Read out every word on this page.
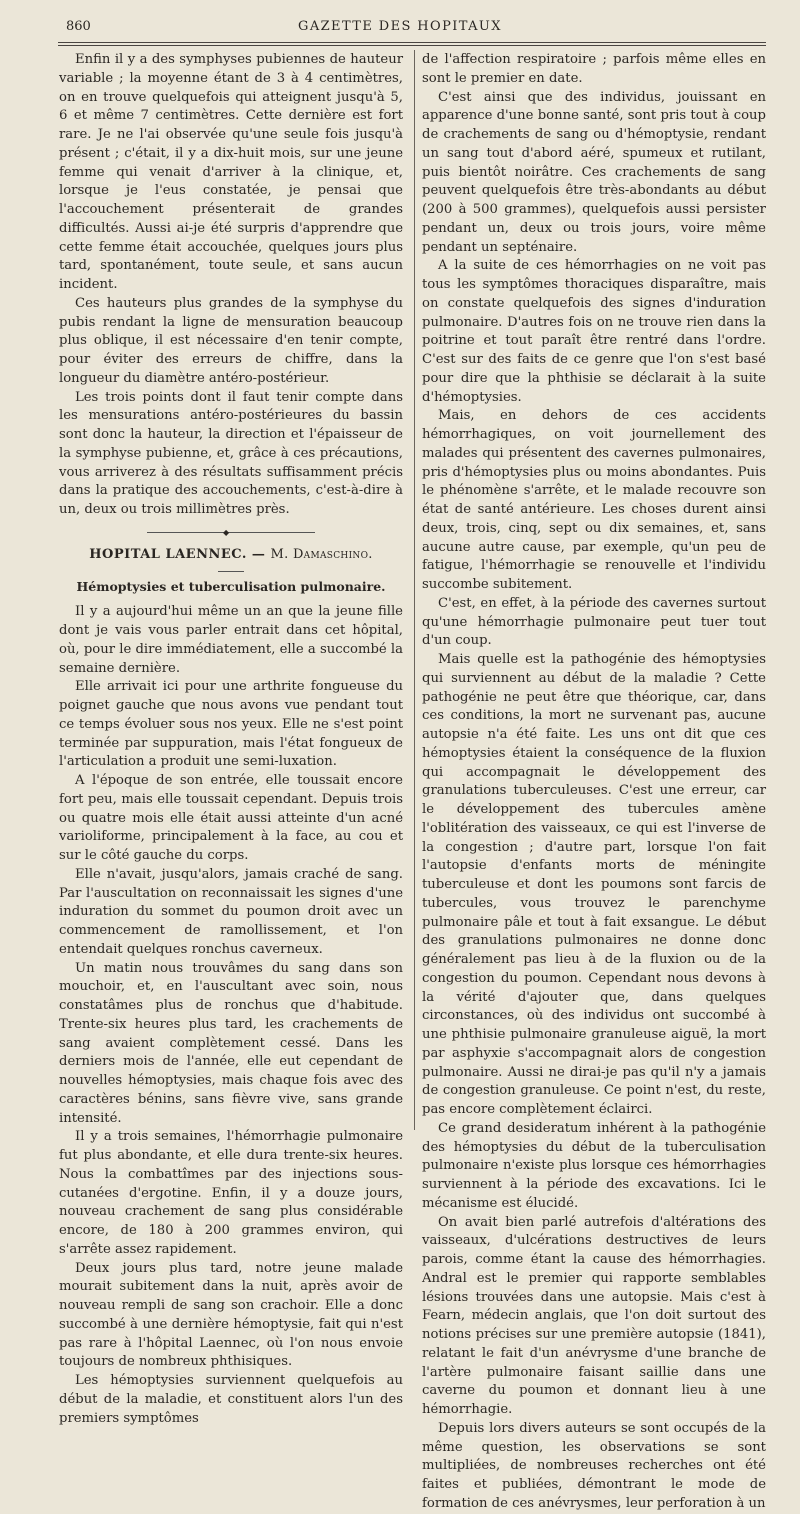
860	GAZETTE DES HOPITAUX

Enfin il y a des symphyses pubiennes de hauteur variable ; la moyenne étant de 3 à 4 centimètres, on en trouve quelquefois qui atteignent jusqu'à 5, 6 et même 7 centimètres. Cette dernière est fort rare. Je ne l'ai observée qu'une seule fois jusqu'à présent ; c'était, il y a dix-huit mois, sur une jeune femme qui venait d'arriver à la clinique, et, lorsque je l'eus constatée, je pensai que l'accouchement présenterait de grandes difficultés. Aussi ai-je été surpris d'apprendre que cette femme était accouchée, quelques jours plus tard, spontanément, toute seule, et sans aucun incident.

Ces hauteurs plus grandes de la symphyse du pubis rendant la ligne de mensuration beaucoup plus oblique, il est nécessaire d'en tenir compte, pour éviter des erreurs de chiffre, dans la longueur du diamètre antéro-postérieur.

Les trois points dont il faut tenir compte dans les mensurations antéro-postérieures du bassin sont donc la hauteur, la direction et l'épaisseur de la symphyse pubienne, et, grâce à ces précautions, vous arriverez à des résultats suffisamment précis dans la pratique des accouchements, c'est-à-dire à un, deux ou trois millimètres près.

◆
HOPITAL LAENNEC. — M. Damaschino.
Hémoptysies et tuberculisation pulmonaire.

Il y a aujourd'hui même un an que la jeune fille dont je vais vous parler entrait dans cet hôpital, où, pour le dire immédiatement, elle a succombé la semaine dernière.

Elle arrivait ici pour une arthrite fongueuse du poignet gauche que nous avons vue pendant tout ce temps évoluer sous nos yeux. Elle ne s'est point terminée par suppuration, mais l'état fongueux de l'articulation a produit une semi-luxation.

A l'époque de son entrée, elle toussait encore fort peu, mais elle toussait cependant. Depuis trois ou quatre mois elle était aussi atteinte d'un acné varioliforme, principalement à la face, au cou et sur le côté gauche du corps.

Elle n'avait, jusqu'alors, jamais craché de sang. Par l'auscultation on reconnaissait les signes d'une induration du sommet du poumon droit avec un commencement de ramollissement, et l'on entendait quelques ronchus caverneux.

Un matin nous trouvâmes du sang dans son mouchoir, et, en l'auscultant avec soin, nous constatâmes plus de ronchus que d'habitude. Trente-six heures plus tard, les crachements de sang avaient complètement cessé. Dans les derniers mois de l'année, elle eut cependant de nouvelles hémoptysies, mais chaque fois avec des caractères bénins, sans fièvre vive, sans grande intensité.

Il y a trois semaines, l'hémorrhagie pulmonaire fut plus abondante, et elle dura trente-six heures. Nous la combattîmes par des injections sous-cutanées d'ergotine. Enfin, il y a douze jours, nouveau crachement de sang plus considérable encore, de 180 à 200 grammes environ, qui s'arrête assez rapidement.

Deux jours plus tard, notre jeune malade mourait subitement dans la nuit, après avoir de nouveau rempli de sang son crachoir. Elle a donc succombé à une dernière hémoptysie, fait qui n'est pas rare à l'hôpital Laennec, où l'on nous envoie toujours de nombreux phthisiques.

Les hémoptysies surviennent quelquefois au début de la maladie, et constituent alors l'un des premiers symptômes

de l'affection respiratoire ; parfois même elles en sont le premier en date.

C'est ainsi que des individus, jouissant en apparence d'une bonne santé, sont pris tout à coup de crachements de sang ou d'hémoptysie, rendant un sang tout d'abord aéré, spumeux et rutilant, puis bientôt noirâtre. Ces crachements de sang peuvent quelquefois être très-abondants au début (200 à 500 grammes), quelquefois aussi persister pendant un, deux ou trois jours, voire même pendant un septénaire.

A la suite de ces hémorrhagies on ne voit pas tous les symptômes thoraciques disparaître, mais on constate quelquefois des signes d'induration pulmonaire. D'autres fois on ne trouve rien dans la poitrine et tout paraît être rentré dans l'ordre. C'est sur des faits de ce genre que l'on s'est basé pour dire que la phthisie se déclarait à la suite d'hémoptysies.

Mais, en dehors de ces accidents hémorrhagiques, on voit journellement des malades qui présentent des cavernes pulmonaires, pris d'hémoptysies plus ou moins abondantes. Puis le phénomène s'arrête, et le malade recouvre son état de santé antérieure. Les choses durent ainsi deux, trois, cinq, sept ou dix semaines, et, sans aucune autre cause, par exemple, qu'un peu de fatigue, l'hémorrhagie se renouvelle et l'individu succombe subitement.

C'est, en effet, à la période des cavernes surtout qu'une hémorrhagie pulmonaire peut tuer tout d'un coup.

Mais quelle est la pathogénie des hémoptysies qui surviennent au début de la maladie ? Cette pathogénie ne peut être que théorique, car, dans ces conditions, la mort ne survenant pas, aucune autopsie n'a été faite. Les uns ont dit que ces hémoptysies étaient la conséquence de la fluxion qui accompagnait le développement des granulations tuberculeuses. C'est une erreur, car le développement des tubercules amène l'oblitération des vaisseaux, ce qui est l'inverse de la congestion ; d'autre part, lorsque l'on fait l'autopsie d'enfants morts de méningite tuberculeuse et dont les poumons sont farcis de tubercules, vous trouvez le parenchyme pulmonaire pâle et tout à fait exsangue. Le début des granulations pulmonaires ne donne donc généralement pas lieu à de la fluxion ou de la congestion du poumon. Cependant nous devons à la vérité d'ajouter que, dans quelques circonstances, où des individus ont succombé à une phthisie pulmonaire granuleuse aiguë, la mort par asphyxie s'accompagnait alors de congestion pulmonaire. Aussi ne dirai-je pas qu'il n'y a jamais de congestion granuleuse. Ce point n'est, du reste, pas encore complètement éclairci.

Ce grand desideratum inhérent à la pathogénie des hémoptysies du début de la tuberculisation pulmonaire n'existe plus lorsque ces hémorrhagies surviennent à la période des excavations. Ici le mécanisme est élucidé.

On avait bien parlé autrefois d'altérations des vaisseaux, d'ulcérations destructives de leurs parois, comme étant la cause des hémorrhagies. Andral est le premier qui rapporte semblables lésions trouvées dans une autopsie. Mais c'est à Fearn, médecin anglais, que l'on doit surtout des notions précises sur une première autopsie (1841), relatant le fait d'un anévrysme d'une branche de l'artère pulmonaire faisant saillie dans une caverne du poumon et donnant lieu à une hémorrhagie.

Depuis lors divers auteurs se sont occupés de la même question, les observations se sont multipliées, de nombreuses recherches ont été faites et publiées, démontrant le mode de formation de ces anévrysmes, leur perforation à un
